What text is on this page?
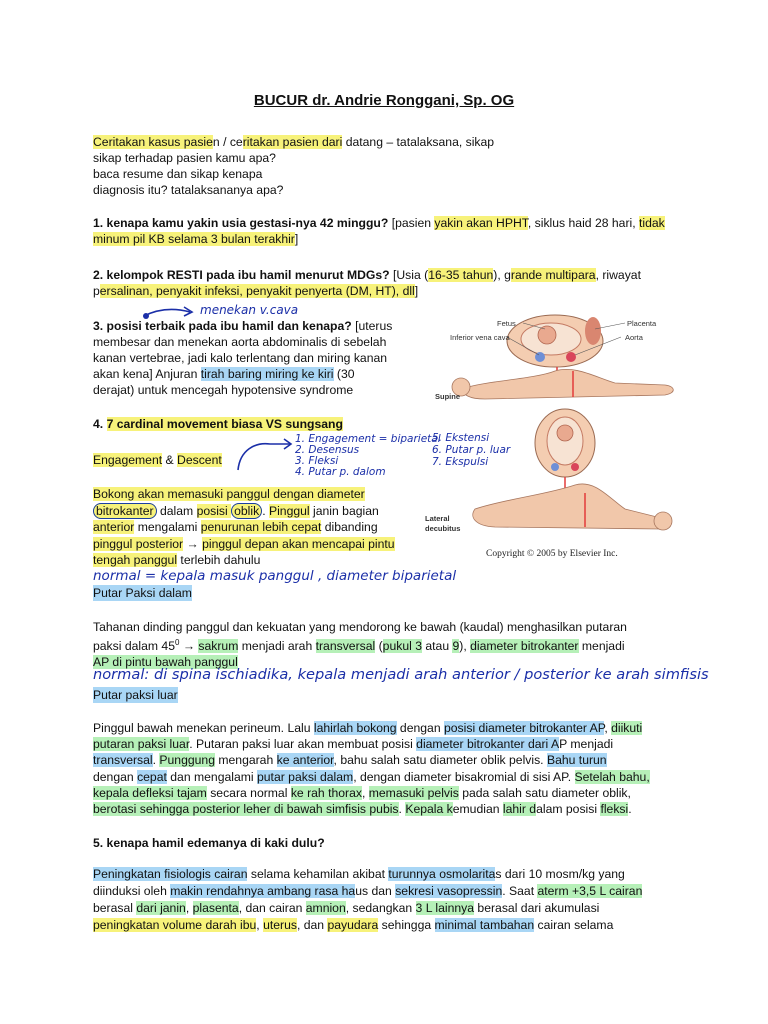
BUCUR dr. Andrie Ronggani, Sp. OG
Ceritakan kasus pasien / ceritakan pasien dari datang – tatalaksana, sikap
sikap terhadap pasien kamu apa?
baca resume dan sikap kenapa
diagnosis itu? tatalaksananya apa?
1. kenapa kamu yakin usia gestasi-nya 42 minggu? [pasien yakin akan HPHT, siklus haid 28 hari, tidak
minum pil KB selama 3 bulan terakhir]
2. kelompok RESTI pada ibu hamil menurut MDGs? [Usia (16-35 tahun), grande multipara, riwayat
persalinan, penyakit infeksi, penyakit penyerta (DM, HT), dll]
menekan v.cava
3. posisi terbaik pada ibu hamil dan kenapa? [uterus
membesar dan menekan aorta abdominalis di sebelah
kanan vertebrae, jadi kalo terlentang dan miring kanan
akan kena] Anjuran tirah baring miring ke kiri (30
derajat) untuk mencegah hypotensive syndrome
4. 7 cardinal movement biasa VS sungsang
1. Engagement = biparietal
2. Desensus
3. Fleksi
4. Putar p. dalom
5. Ekstensi
6. Putar p. luar
7. Ekspulsi
Engagement & Descent
Bokong akan memasuki panggul dengan diameter
bitrokanter dalam posisi oblik . Pinggul janin bagian
anterior mengalami penurunan lebih cepat dibanding
pinggul posterior → pinggul depan akan mencapai pintu
tengah panggul terlebih dahulu
normal = kepala masuk panggul , diameter biparietal
Putar Paksi dalam
Tahanan dinding panggul dan kekuatan yang mendorong ke bawah (kaudal) menghasilkan putaran
paksi dalam $45^0$ → sakrum menjadi arah transversal (pukul 3 atau 9), diameter bitrokanter menjadi
AP di pintu bawah panggul
normal: di spina ischiadika, kepala menjadi arah anterior / posterior ke arah simfisis
Putar paksi luar
Pinggul bawah menekan perineum. Lalu lahirlah bokong dengan posisi diameter bitrokanter AP, diikuti
putaran paksi luar. Putaran paksi luar akan membuat posisi diameter bitrokanter dari AP menjadi
transversal. Punggung mengarah ke anterior, bahu salah satu diameter oblik pelvis. Bahu turun
dengan cepat dan mengalami putar paksi dalam, dengan diameter bisakromial di sisi AP. Setelah bahu,
kepala defleksi tajam secara normal ke rah thorax, memasuki pelvis pada salah satu diameter oblik,
berotasi sehingga posterior leher di bawah simfisis pubis. Kepala kemudian lahir dalam posisi fleksi.
5. kenapa hamil edemanya di kaki dulu?
Peningkatan fisiologis cairan selama kehamilan akibat turunnya osmolaritas dari 10 mosm/kg yang
diinduksi oleh makin rendahnya ambang rasa haus dan sekresi vasopressin. Saat aterm +3,5 L cairan
berasal dari janin, plasenta, dan cairan amnion, sedangkan 3 L lainnya berasal dari akumulasi
peningkatan volume darah ibu, uterus, dan payudara sehingga minimal tambahan cairan selama
Fetus	Placenta
Inferior vena cava	Aorta
Supine
Lateral
decubitus
Copyright © 2005 by Elsevier Inc.
